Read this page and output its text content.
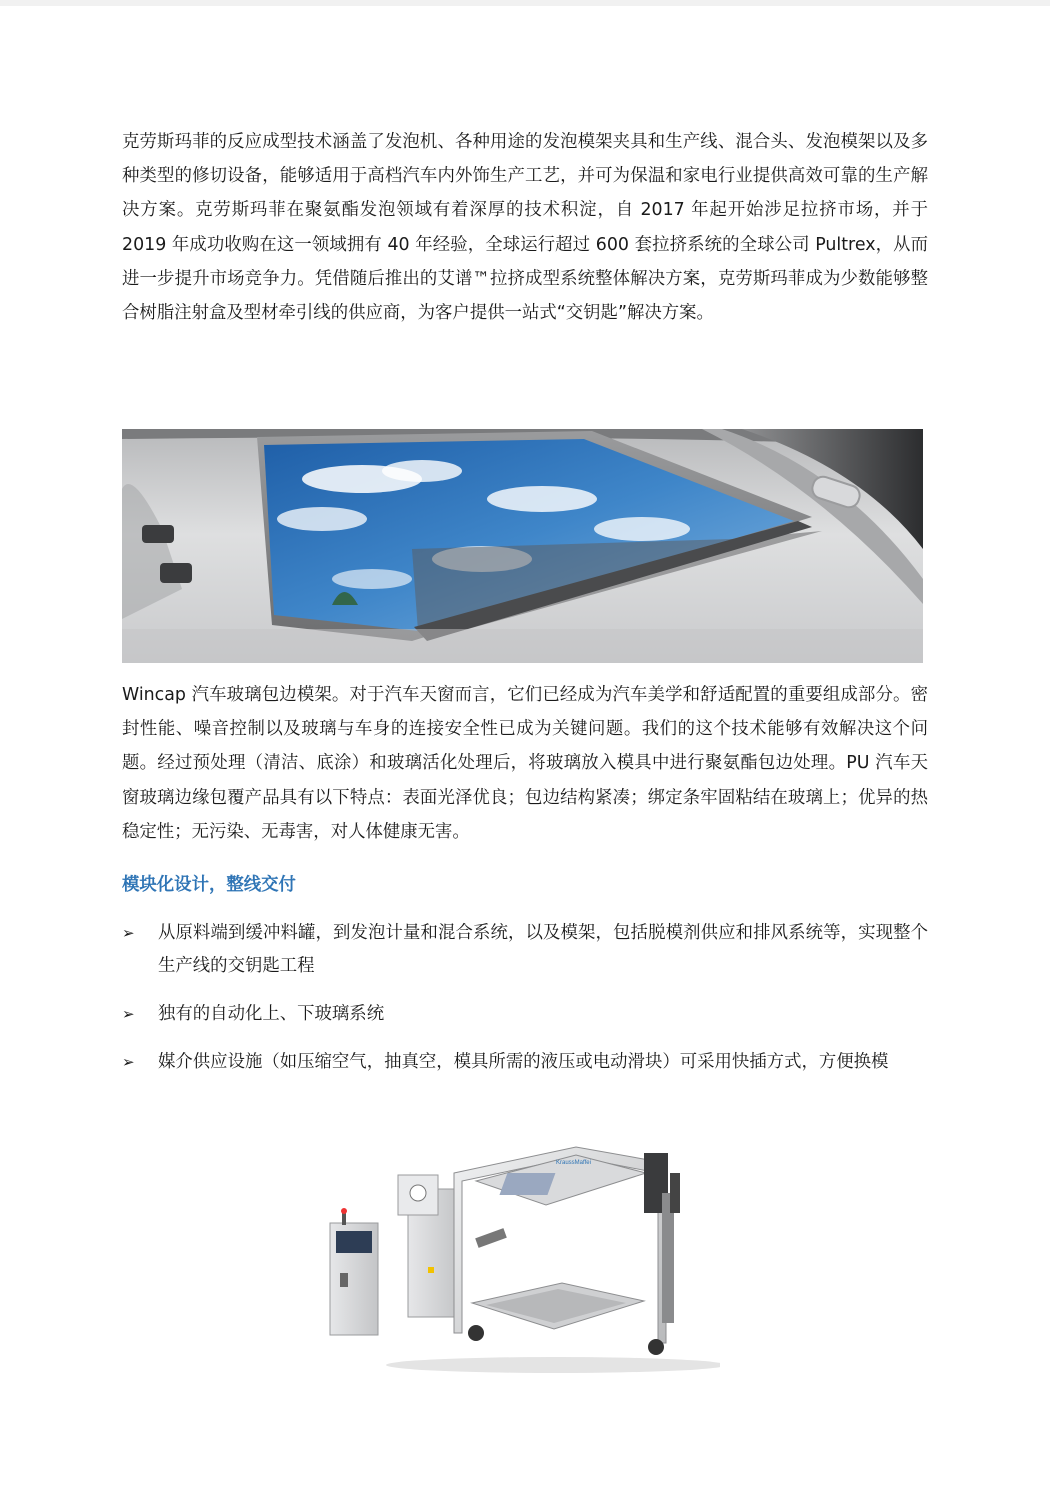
克劳斯玛菲的反应成型技术涵盖了发泡机、各种用途的发泡模架夹具和生产线、混合头、发泡模架以及多种类型的修切设备，能够适用于高档汽车内外饰生产工艺，并可为保温和家电行业提供高效可靠的生产解决方案。克劳斯玛菲在聚氨酯发泡领域有着深厚的技术积淀，自 2017 年起开始涉足拉挤市场，并于 2019 年成功收购在这一领域拥有 40 年经验，全球运行超过 600 套拉挤系统的全球公司 Pultrex，从而进一步提升市场竞争力。凭借随后推出的艾谱™拉挤成型系统整体解决方案，克劳斯玛菲成为少数能够整合树脂注射盒及型材牵引线的供应商，为客户提供一站式“交钥匙”解决方案。

Wincap 汽车玻璃包边模架。对于汽车天窗而言，它们已经成为汽车美学和舒适配置的重要组成部分。密封性能、噪音控制以及玻璃与车身的连接安全性已成为关键问题。我们的这个技术能够有效解决这个问题。经过预处理（清洁、底涂）和玻璃活化处理后，将玻璃放入模具中进行聚氨酯包边处理。PU 汽车天窗玻璃边缘包覆产品具有以下特点：表面光泽优良；包边结构紧凑；绑定条牢固粘结在玻璃上；优异的热稳定性；无污染、无毒害，对人体健康无害。

模块化设计，整线交付
➢ 从原料端到缓冲料罐，到发泡计量和混合系统，以及模架，包括脱模剂供应和排风系统等，实现整个生产线的交钥匙工程
➢ 独有的自动化上、下玻璃系统
➢ 媒介供应设施（如压缩空气，抽真空，模具所需的液压或电动滑块）可采用快插方式，方便换模
KraussMaffei
